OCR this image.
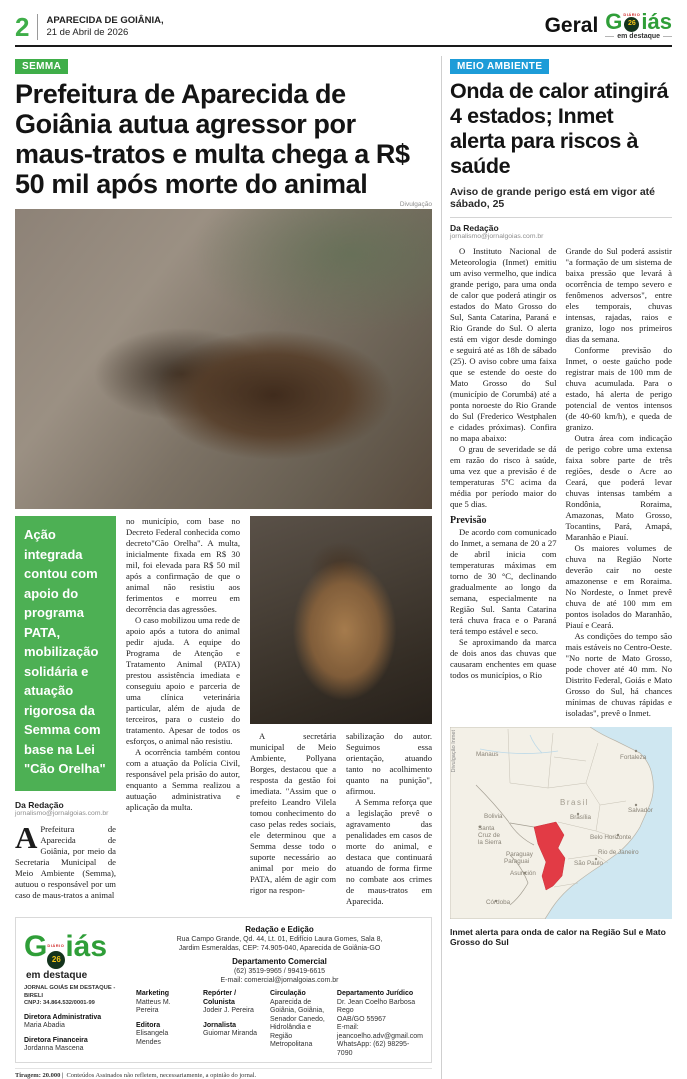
2 APARECIDA DE GOIÂNIA,
21 de Abril de 2026	Geral G DIÁRIO
26 iás
em destaque
SEMMA
Prefeitura de Aparecida de Goiânia autua agressor por maus-tratos e multa chega a R$ 50 mil após morte do animal
Divulgação
Ação integrada contou com apoio do programa PATA, mobilização solidária e atuação rigorosa da Semma com base na Lei "Cão Orelha"
Da Redação
jornalismo@jornalgoias.com.br
A Prefeitura de Aparecida de Goiânia, por meio da Secretaria Municipal de Meio Ambiente (Semma), autuou o responsável por um caso de maus-tratos a animal

no município, com base no Decreto Federal conhecida como decreto"Cão Orelha". A multa, inicialmente fixada em R$ 30 mil, foi elevada para R$ 50 mil após a confirmação de que o animal não resistiu aos ferimentos e morreu em decorrência das agressões.

O caso mobilizou uma rede de apoio após a tutora do animal pedir ajuda. A equipe do Programa de Atenção e Tratamento Animal (PATA) prestou assistência imediata e conseguiu apoio e parceria de uma clínica veterinária particular, além de ajuda de terceiros, para o custeio do tratamento. Apesar de todos os esforços, o animal não resistiu.

A ocorrência também contou com a atuação da Polícia Civil, responsável pela prisão do autor, enquanto a Semma realizou a autuação administrativa e aplicação da multa.

A secretária municipal de Meio Ambiente, Pollyana Borges, destacou que a resposta da gestão foi imediata. "Assim que o prefeito Leandro Vilela tomou conhecimento do caso pelas redes sociais, ele determinou que a Semma desse todo o suporte necessário ao animal por meio do PATA, além de agir com rigor na respon-

sabilização do autor. Seguimos essa orientação, atuando tanto no acolhimento quanto na punição", afirmou.

A Semma reforça que a legislação prevê o agravamento das penalidades em casos de morte do animal, e destaca que continuará atuando de forma firme no combate aos crimes de maus-tratos em Aparecida.

G DIÁRIO
26 iás
em destaque
JORNAL GOIÁS EM DESTAQUE - BIRELI
CNPJ: 34.864.532/0001-99
Diretora Administrativa
Maria Abadia
Diretora Financeira
Jordanna Mascena
Redação e Edição
Rua Campo Grande, Qd. 44, Lt. 01, Edifício Laura Gomes, Sala 8,
Jardim Esmeraldas, CEP: 74.905-040, Aparecida de Goiânia-GO
Departamento Comercial
(62) 3519-9965 / 99419-6615
E-mail: comercial@jornalgoias.com.br
Marketing
Matteus M. Pereira
Editora
Elisangela Mendes
Repórter / Colunista
Jodeir J. Pereira
Jornalista
Guiomar Miranda
Circulação
Aparecida de Goiânia, Goiânia, Senador Canedo, Hidrolândia e Região Metropolitana
Departamento Jurídico
Dr. Jean Coelho Barbosa Rego
OAB/GO 55967
E-mail: jeancoelho.adv@gmail.com
WhatsApp: (62) 98295-7090
Tiragem: 20.000 | Conteúdos Assinados não refletem, necessariamente, a opinião do jornal.
MEIO AMBIENTE
Onda de calor atingirá 4 estados; Inmet alerta para riscos à saúde
Aviso de grande perigo está em vigor até sábado, 25
Da Redação
jornalismo@jornalgoias.com.br

O Instituto Nacional de Meteorologia (Inmet) emitiu um aviso vermelho, que indica grande perigo, para uma onda de calor que poderá atingir os estados do Mato Grosso do Sul, Santa Catarina, Paraná e Rio Grande do Sul. O alerta está em vigor desde domingo e seguirá até as 18h de sábado (25). O aviso cobre uma faixa que se estende do oeste do Mato Grosso do Sul (município de Corumbá) até a ponta noroeste do Rio Grande do Sul (Frederico Westphalen e cidades próximas). Confira no mapa abaixo:

O grau de severidade se dá em razão do risco à saúde, uma vez que a previsão é de temperaturas 5ºC acima da média por período maior do que 5 dias.

Previsão

De acordo com comunicado do Inmet, a semana de 20 a 27 de abril inicia com temperaturas máximas em torno de 30 °C, declinando gradualmente ao longo da semana, especialmente na Região Sul. Santa Catarina terá chuva fraca e o Paraná terá tempo estável e seco.

Se aproximando da marca de dois anos das chuvas que causaram enchentes em quase todos os municípios, o Rio

Grande do Sul poderá assistir "a formação de um sistema de baixa pressão que levará à ocorrência de tempo severo e fenômenos adversos", entre eles temporais, chuvas intensas, rajadas, raios e granizo, logo nos primeiros dias da semana.

Conforme previsão do Inmet, o oeste gaúcho pode registrar mais de 100 mm de chuva acumulada. Para o estado, há alerta de perigo potencial de ventos intensos (de 40-60 km/h), e queda de granizo.

Outra área com indicação de perigo cobre uma extensa faixa sobre parte de três regiões, desde o Acre ao Ceará, que poderá levar chuvas intensas também a Rondônia, Roraima, Amazonas, Mato Grosso, Tocantins, Pará, Amapá, Maranhão e Piauí.

Os maiores volumes de chuva na Região Norte deverão cair no oeste amazonense e em Roraima. No Nordeste, o Inmet prevê chuva de até 100 mm em pontos isolados do Maranhão, Piauí e Ceará.

As condições do tempo são mais estáveis no Centro-Oeste. "No norte de Mato Grosso, pode chover até 40 mm. No Distrito Federal, Goiás e Mato Grosso do Sul, há chances mínimas de chuvas rápidas e isoladas", prevê o Inmet.

Manaus	Fortaleza
Salvador
Brasil
Brasília
Belo Horizonte
Rio de Janeiro
São Paulo
Bolivia
Santa
Cruz de
la Sierra
Paraguay
Paraguai
Asunción
Córdoba
Divulgação Inmet
Inmet alerta para onda de calor na Região Sul e Mato Grosso do Sul
